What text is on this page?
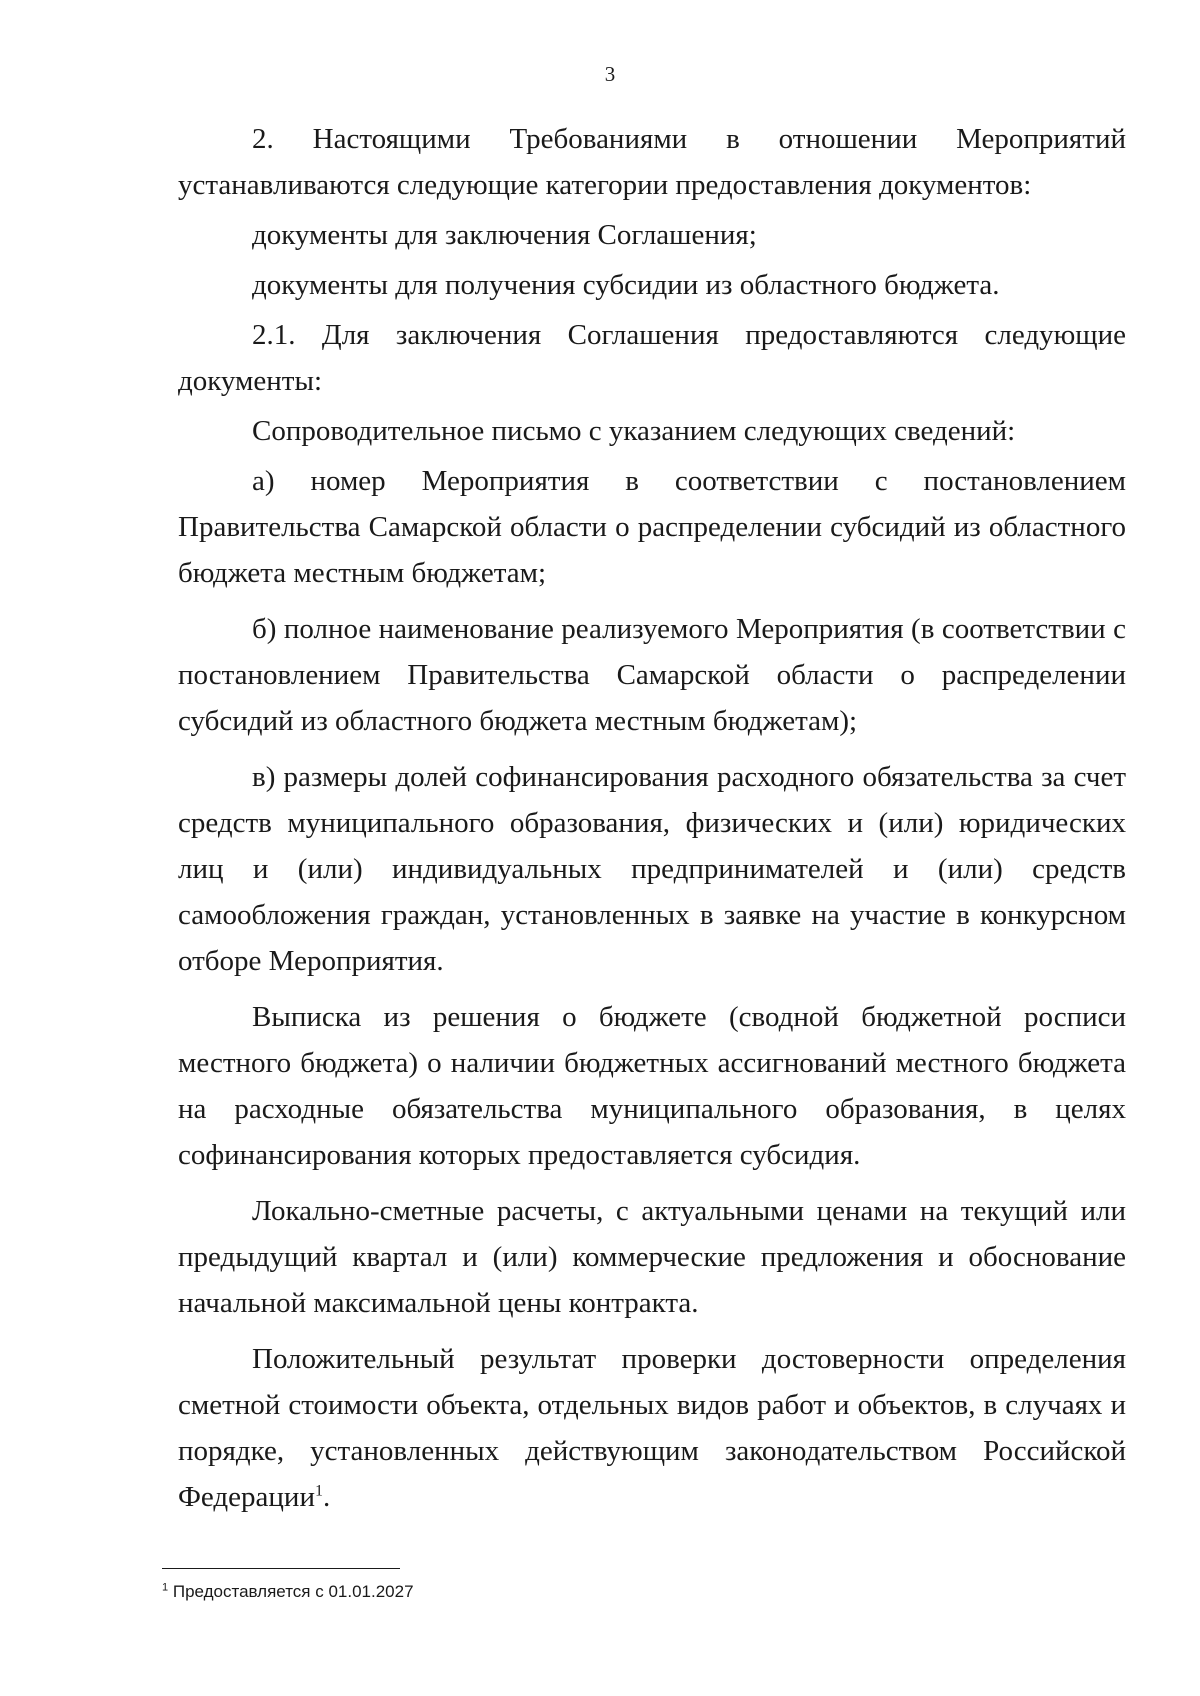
3

2. Настоящими Требованиями в отношении Мероприятий устанавливаются следующие категории предоставления документов:

документы для заключения Соглашения;

документы для получения субсидии из областного бюджета.

2.1. Для заключения Соглашения предоставляются следующие документы:

Сопроводительное письмо с указанием следующих сведений:

а) номер Мероприятия в соответствии с постановлением Правительства Самарской области о распределении субсидий из областного бюджета местным бюджетам;

б) полное наименование реализуемого Мероприятия (в соответствии с постановлением Правительства Самарской области о распределении субсидий из областного бюджета местным бюджетам);

в) размеры долей софинансирования расходного обязательства за счет средств муниципального образования, физических и (или) юридических лиц и (или) индивидуальных предпринимателей и (или) средств самообложения граждан, установленных в заявке на участие в конкурсном отборе Мероприятия.

Выписка из решения о бюджете (сводной бюджетной росписи местного бюджета) о наличии бюджетных ассигнований местного бюджета на расходные обязательства муниципального образования, в целях софинансирования которых предоставляется субсидия.

Локально-сметные расчеты, с актуальными ценами на текущий или предыдущий квартал и (или) коммерческие предложения и обоснование начальной максимальной цены контракта.

Положительный результат проверки достоверности определения сметной стоимости объекта, отдельных видов работ и объектов, в случаях и порядке, установленных действующим законодательством Российской Федерации$^1$.

$^1$ Предоставляется с 01.01.2027
